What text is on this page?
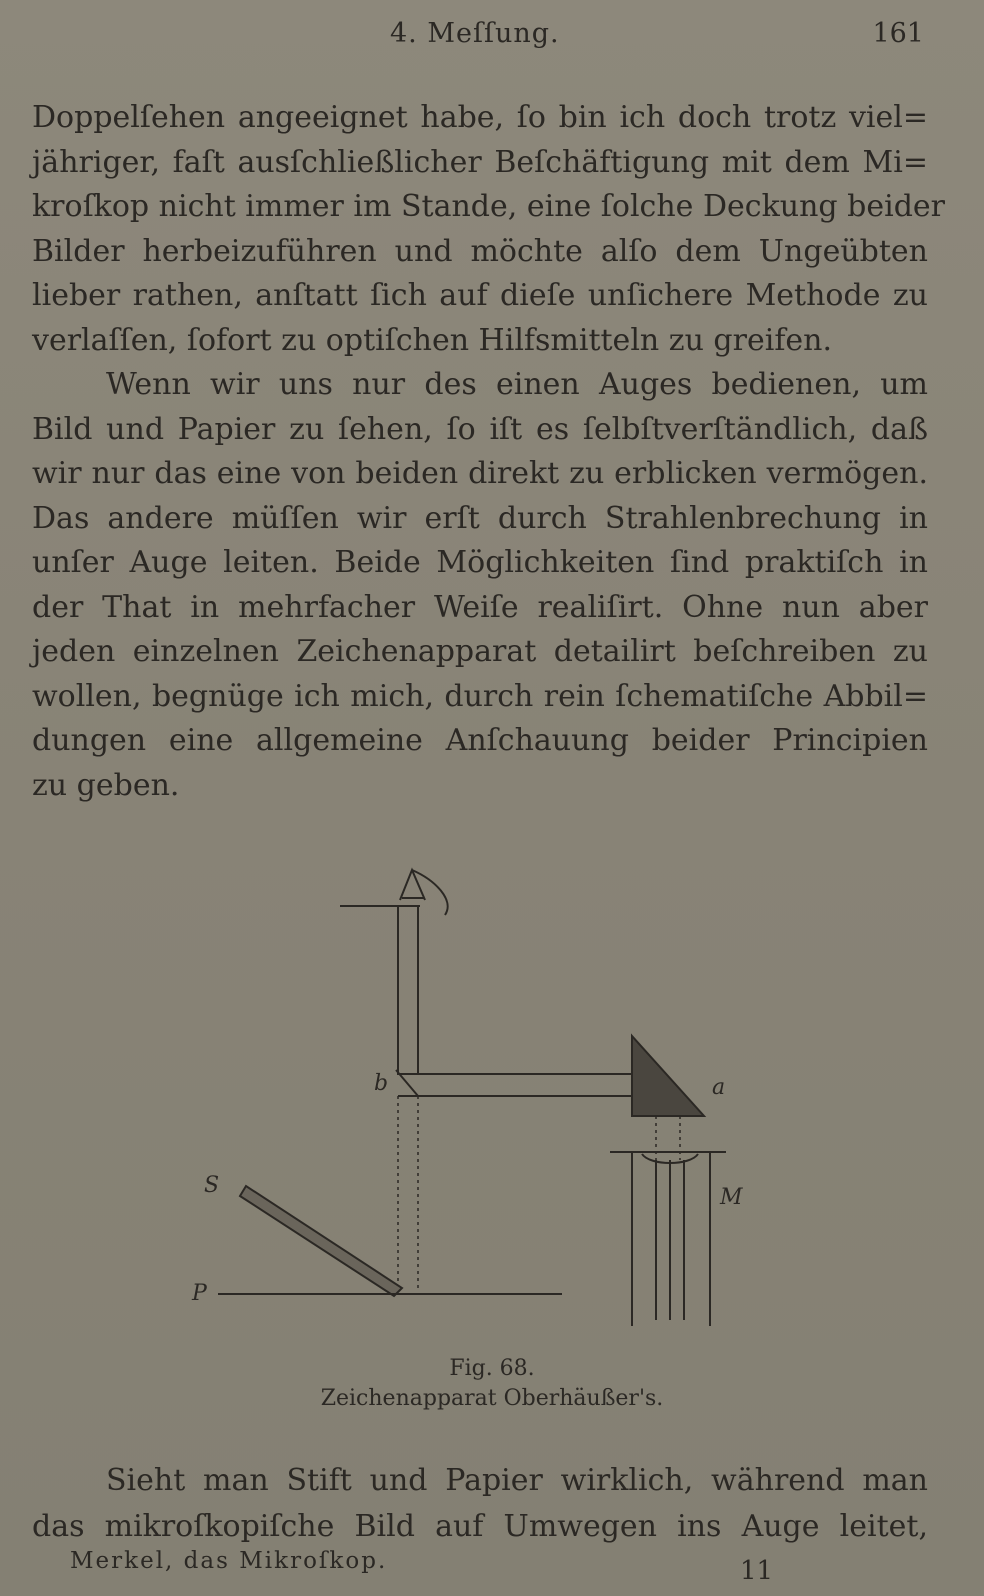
4. Meſſung.	161

Doppelſehen angeeignet habe, ſo bin ich doch trotz viel=
jähriger, faſt ausſchließlicher Beſchäftigung mit dem Mi=
kroſkop nicht immer im Stande, eine ſolche Deckung beider
Bilder herbeizuführen und möchte alſo dem Ungeübten
lieber rathen, anſtatt ſich auf dieſe unſichere Methode zu
verlaſſen, ſofort zu optiſchen Hilfsmitteln zu greifen.

Wenn wir uns nur des einen Auges bedienen, um
Bild und Papier zu ſehen, ſo iſt es ſelbſtverſtändlich, daß
wir nur das eine von beiden direkt zu erblicken vermögen.
Das andere müſſen wir erſt durch Strahlenbrechung in
unſer Auge leiten. Beide Möglichkeiten ſind praktiſch in
der That in mehrfacher Weiſe realiſirt. Ohne nun aber
jeden einzelnen Zeichenapparat detailirt beſchreiben zu
wollen, begnüge ich mich, durch rein ſchematiſche Abbil=
dungen eine allgemeine Anſchauung beider Principien
zu geben.

b	a
M
S
P
Fig. 68.
Zeichenapparat Oberhäußer's.
Sieht man Stift und Papier wirklich, während man
das mikroſkopiſche Bild auf Umwegen ins Auge leitet,
Merkel, das Mikroſkop.	11
